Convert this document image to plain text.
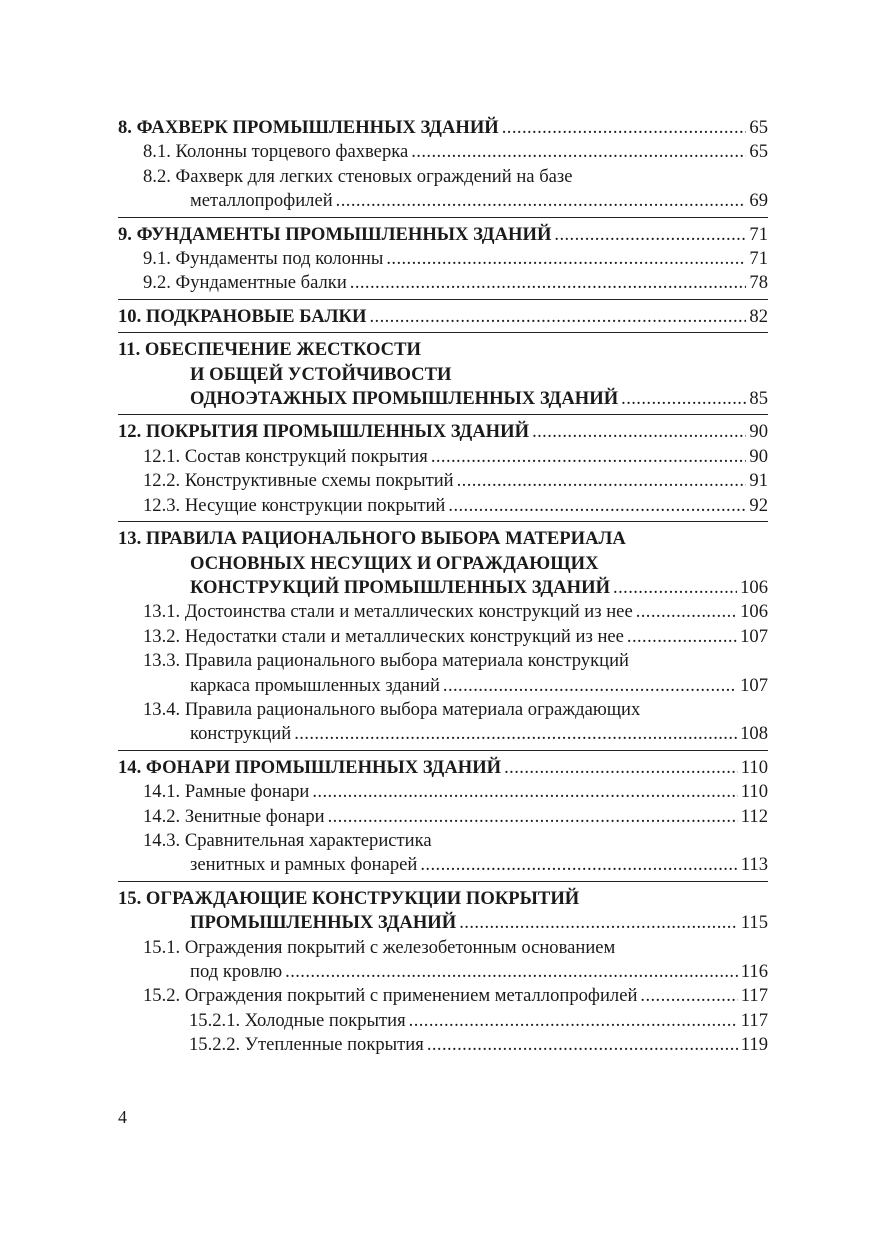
8. ФАХВЕРК ПРОМЫШЛЕННЫХ ЗДАНИЙ .....	65
8.1. Колонны торцевого фахверка .....	65
8.2. Фахверк для легких стеновых ограждений на базе
металлопрофилей .....	69
9. ФУНДАМЕНТЫ ПРОМЫШЛЕННЫХ ЗДАНИЙ .....	71
9.1. Фундаменты под колонны .....	71
9.2. Фундаментные балки .....	78
10. ПОДКРАНОВЫЕ БАЛКИ .....	82
11. ОБЕСПЕЧЕНИЕ ЖЕСТКОСТИ
И ОБЩЕЙ УСТОЙЧИВОСТИ
ОДНОЭТАЖНЫХ ПРОМЫШЛЕННЫХ ЗДАНИЙ .....	85
12. ПОКРЫТИЯ ПРОМЫШЛЕННЫХ ЗДАНИЙ .....	90
12.1. Состав конструкций покрытия .....	90
12.2. Конструктивные схемы покрытий .....	91
12.3. Несущие конструкции покрытий .....	92
13. ПРАВИЛА РАЦИОНАЛЬНОГО ВЫБОРА МАТЕРИАЛА
ОСНОВНЫХ НЕСУЩИХ И ОГРАЖДАЮЩИХ
КОНСТРУКЦИЙ ПРОМЫШЛЕННЫХ ЗДАНИЙ .....	106
13.1. Достоинства стали и металлических конструкций из нее .....	106
13.2. Недостатки стали и металлических конструкций из нее .....	107
13.3. Правила рационального выбора материала конструкций
каркаса промышленных зданий .....	107
13.4. Правила рационального выбора материала ограждающих
конструкций .....	108
14. ФОНАРИ ПРОМЫШЛЕННЫХ ЗДАНИЙ .....	110
14.1. Рамные фонари .....	110
14.2. Зенитные фонари .....	112
14.3. Сравнительная характеристика
зенитных и рамных фонарей .....	113
15. ОГРАЖДАЮЩИЕ КОНСТРУКЦИИ ПОКРЫТИЙ
ПРОМЫШЛЕННЫХ ЗДАНИЙ .....	115
15.1. Ограждения покрытий с железобетонным основанием
под кровлю .....	116
15.2. Ограждения покрытий с применением металлопрофилей .....	117
15.2.1. Холодные покрытия .....	117
15.2.2. Утепленные покрытия .....	119
4
